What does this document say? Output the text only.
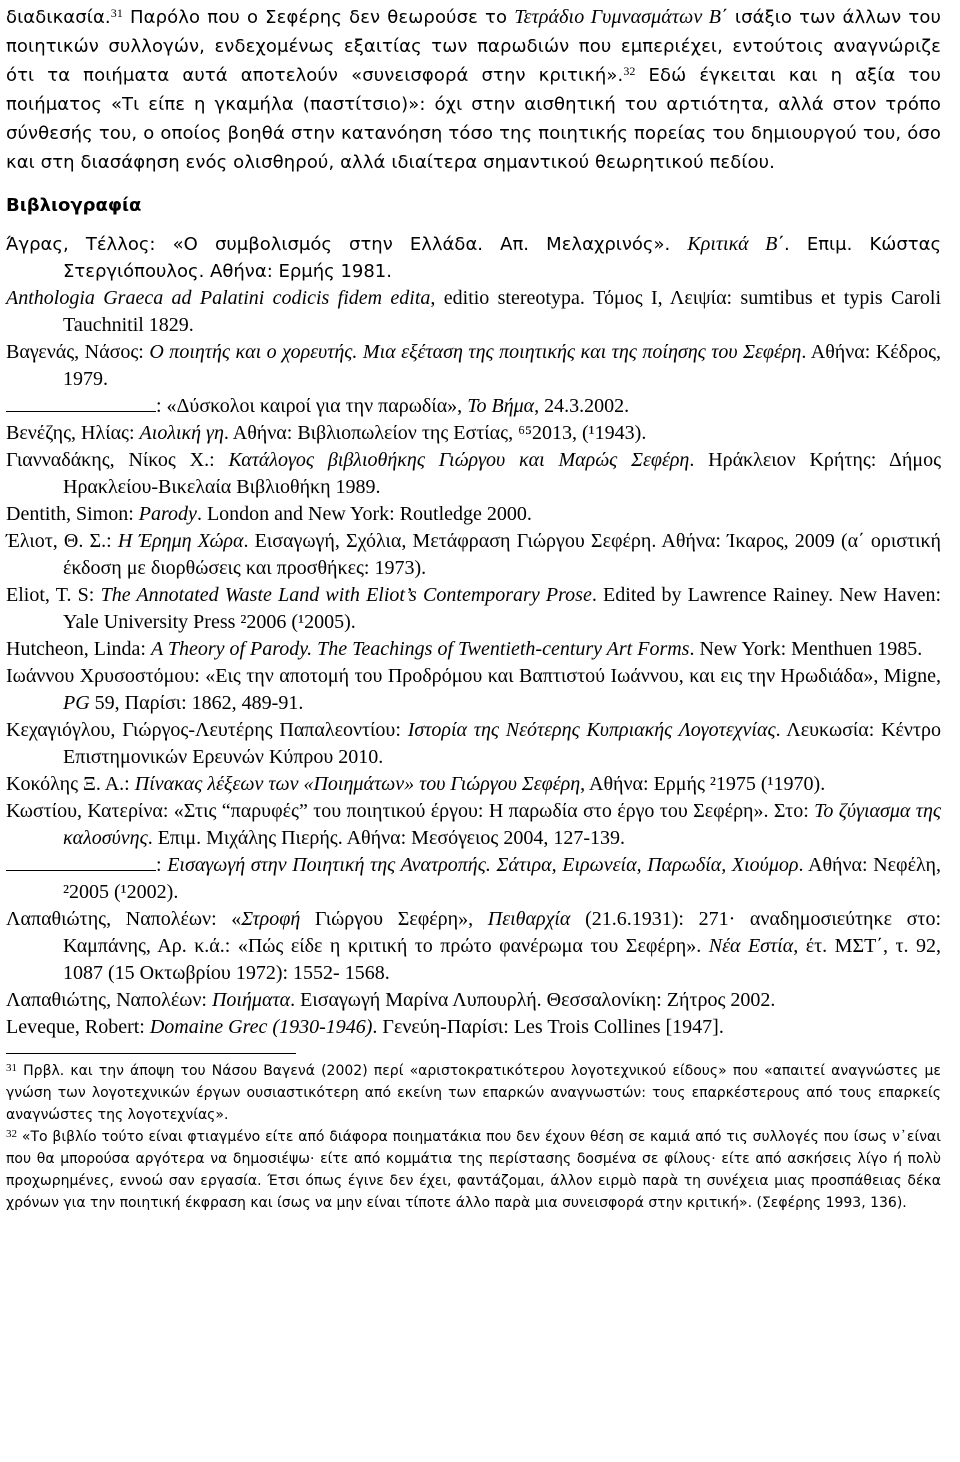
διαδικασία.$^{31}$ Παρόλο που ο Σεφέρης δεν θεωρούσε το Τετράδιο Γυμνασμάτων Β΄ ισάξιο των άλλων του ποιητικών συλλογών, ενδεχομένως εξαιτίας των παρωδιών που εμπεριέχει, εντούτοις αναγνώριζε ότι τα ποιήματα αυτά αποτελούν «συνεισφορά στην κριτική».$^{32}$ Εδώ έγκειται και η αξία του ποιήματος «Τι είπε η γκαμήλα (παστίτσιο)»: όχι στην αισθητική του αρτιότητα, αλλά στον τρόπο σύνθεσής του, ο οποίος βοηθά στην κατανόηση τόσο της ποιητικής πορείας του δημιουργού του, όσο και στη διασάφηση ενός ολισθηρού, αλλά ιδιαίτερα σημαντικού θεωρητικού πεδίου.

Βιβλιογραφία
Άγρας, Τέλλος: «Ο συμβολισμός στην Ελλάδα. Απ. Μελαχρινός». Κριτικά Β΄. Επιμ. Κώστας Στεργιόπουλος. Αθήνα: Ερμής 1981.
Anthologia Graeca ad Palatini codicis fidem edita, editio stereotypa. Τόμος Ι, Λειψία: sumtibus et typis Caroli Tauchnitil 1829.
Βαγενάς, Νάσος: Ο ποιητής και ο χορευτής. Μια εξέταση της ποιητικής και της ποίησης του Σεφέρη. Αθήνα: Κέδρος, 1979.
: «Δύσκολοι καιροί για την παρωδία», Το Βήμα, 24.3.2002.
Βενέζης, Ηλίας: Αιολική γη. Αθήνα: Βιβλιοπωλείον της Εστίας, ⁶⁵2013, (¹1943).
Γιανναδάκης, Νίκος Χ.: Κατάλογος βιβλιοθήκης Γιώργου και Μαρώς Σεφέρη. Ηράκλειον Κρήτης: Δήμος Ηρακλείου-Βικελαία Βιβλιοθήκη 1989.
Dentith, Simon: Parody. London and New York: Routledge 2000.
Έλιοτ, Θ. Σ.: Η Έρημη Χώρα. Εισαγωγή, Σχόλια, Μετάφραση Γιώργου Σεφέρη. Αθήνα: Ίκαρος, 2009 (α΄ οριστική έκδοση με διορθώσεις και προσθήκες: 1973).
Eliot, T. S: The Annotated Waste Land with Eliot’s Contemporary Prose. Edited by Lawrence Rainey. New Haven: Yale University Press ²2006 (¹2005).
Hutcheon, Linda: A Theory of Parody. The Teachings of Twentieth-century Art Forms. New York: Menthuen 1985.
Ιωάννου Χρυσοστόμου: «Εις την αποτομή του Προδρόμου και Βαπτιστού Ιωάννου, και εις την Ηρωδιάδα», Migne, PG 59, Παρίσι: 1862, 489-91.
Κεχαγιόγλου, Γιώργος-Λευτέρης Παπαλεοντίου: Ιστορία της Νεότερης Κυπριακής Λογοτεχνίας. Λευκωσία: Κέντρο Επιστημονικών Ερευνών Κύπρου 2010.
Κοκόλης Ξ. Α.: Πίνακας λέξεων των «Ποιημάτων» του Γιώργου Σεφέρη, Αθήνα: Ερμής ²1975 (¹1970).
Κωστίου, Κατερίνα: «Στις “παρυφές” του ποιητικού έργου: Η παρωδία στο έργο του Σεφέρη». Στο: Το ζύγιασμα της καλοσύνης. Επιμ. Μιχάλης Πιερής. Αθήνα: Μεσόγειος 2004, 127-139.
: Εισαγωγή στην Ποιητική της Ανατροπής. Σάτιρα, Ειρωνεία, Παρωδία, Χιούμορ. Αθήνα: Νεφέλη, ²2005 (¹2002).
Λαπαθιώτης, Ναπολέων: «Στροφή Γιώργου Σεφέρη», Πειθαρχία (21.6.1931): 271· αναδημοσιεύτηκε στο: Καμπάνης, Αρ. κ.ά.: «Πώς είδε η κριτική το πρώτο φανέρωμα του Σεφέρη». Νέα Εστία, έτ. ΜΣΤ΄, τ. 92, 1087 (15 Οκτωβρίου 1972): 1552- 1568.
Λαπαθιώτης, Ναπολέων: Ποιήματα. Εισαγωγή Μαρίνα Λυπουρλή. Θεσσαλονίκη: Ζήτρος 2002.
Leveque, Robert: Domaine Grec (1930-1946). Γενεύη-Παρίσι: Les Trois Collines [1947].

$^{31}$ Πρβλ. και την άποψη του Νάσου Βαγενά (2002) περί «αριστοκρατικότερου λογοτεχνικού είδους» που «απαιτεί αναγνώστες με γνώση των λογοτεχνικών έργων ουσιαστικότερη από εκείνη των επαρκών αναγνωστών: τους επαρκέστερους από τους επαρκείς αναγνώστες της λογοτεχνίας».

$^{32}$ «Το βιβλίο τούτο είναι φτιαγμένο είτε από διάφορα ποιηματάκια που δεν έχουν θέση σε καμιά από τις συλλογές που ίσως ν᾽είναι που θα μπορούσα αργότερα να δημοσιέψω· είτε από κομμάτια της περίστασης δοσμένα σε φίλους· είτε από ασκήσεις λίγο ή πολὺ προχωρημένες, εννοώ σαν εργασία. Έτσι όπως έγινε δεν έχει, φαντάζομαι, άλλον ειρμὸ παρὰ τη συνέχεια μιας προσπάθειας δέκα χρόνων για την ποιητική έκφραση και ίσως να μην είναι τίποτε άλλο παρὰ μια συνεισφορά στην κριτική». (Σεφέρης 1993, 136).
